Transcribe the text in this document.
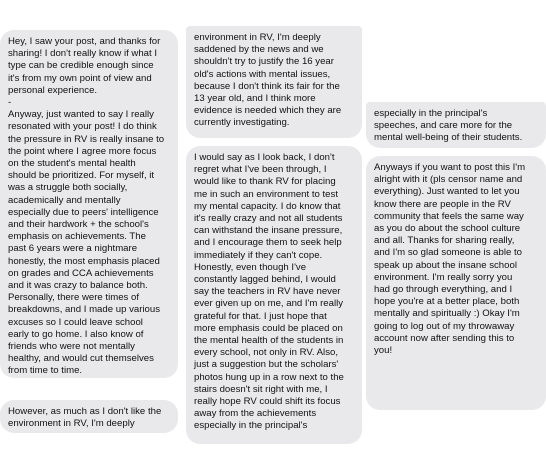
Hey, I saw your post, and thanks for
sharing! I don't really know if what I
type can be credible enough since
it's from my own point of view and
personal experience.

-

Anyway, just wanted to say I really
resonated with your post! I do think
the pressure in RV is really insane to
the point where I agree more focus
on the student's mental health
should be prioritized. For myself, it
was a struggle both socially,
academically and mentally
especially due to peers' intelligence
and their hardwork + the school's
emphasis on achievements. The
past 6 years were a nightmare
honestly, the most emphasis placed
on grades and CCA achievements
and it was crazy to balance both.
Personally, there were times of
breakdowns, and I made up various
excuses so I could leave school
early to go home. I also know of
friends who were not mentally
healthy, and would cut themselves
from time to time.

However, as much as I don't like the
environment in RV, I'm deeply

environment in RV, I'm deeply
saddened by the news and we
shouldn't try to justify the 16 year
old's actions with mental issues,
because I don't think its fair for the
13 year old, and I think more
evidence is needed which they are
currently investigating.

I would say as I look back, I don't
regret what I've been through, I
would like to thank RV for placing
me in such an environment to test
my mental capacity. I do know that
it's really crazy and not all students
can withstand the insane pressure,
and I encourage them to seek help
immediately if they can't cope.
Honestly, even though I've
constantly lagged behind, I would
say the teachers in RV have never
ever given up on me, and I'm really
grateful for that. I just hope that
more emphasis could be placed on
the mental health of the students in
every school, not only in RV. Also,
just a suggestion but the scholars'
photos hung up in a row next to the
stairs doesn't sit right with me, I
really hope RV could shift its focus
away from the achievements
especially in the principal's

especially in the principal's
speeches, and care more for the
mental well-being of their students.

Anyways if you want to post this I'm
alright with it (pls censor name and
everything). Just wanted to let you
know there are people in the RV
community that feels the same way
as you do about the school culture
and all. Thanks for sharing really,
and I'm so glad someone is able to
speak up about the insane school
environment. I'm really sorry you
had go through everything, and I
hope you're at a better place, both
mentally and spiritually :) Okay I'm
going to log out of my throwaway
account now after sending this to
you!
